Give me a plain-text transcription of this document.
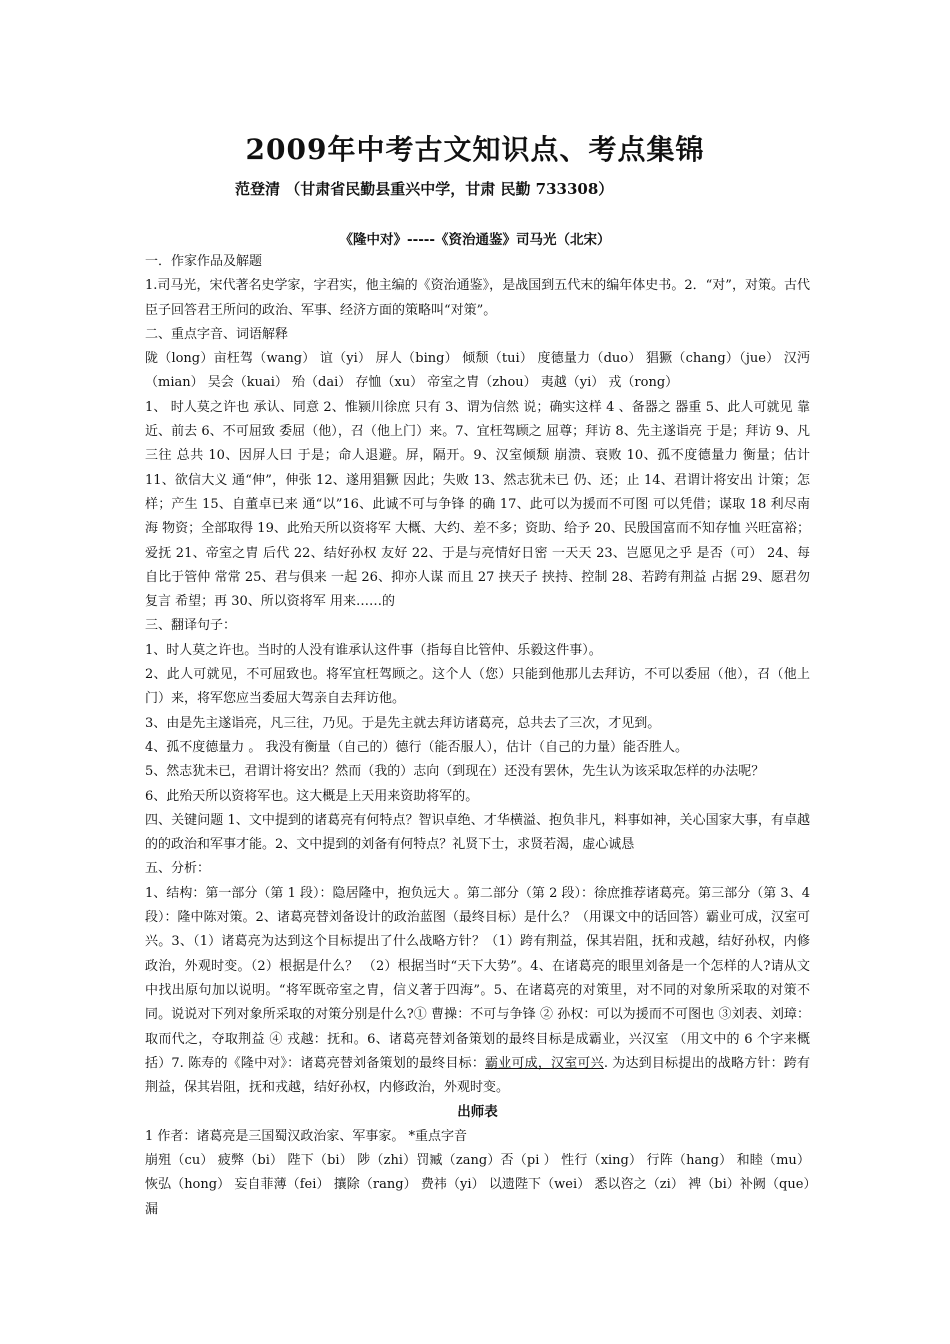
2009年中考古文知识点、考点集锦
范登清 （甘肃省民勤县重兴中学，甘肃 民勤 733308）
《隆中对》-----《资治通鉴》司马光（北宋）

一．作家作品及解题

1.司马光，宋代著名史学家，字君实，他主编的《资治通鉴》，是战国到五代末的编年体史书。2．“对”，对策。古代臣子回答君王所问的政治、军事、经济方面的策略叫“对策”。

二、重点字音、词语解释

陇（long）亩枉驾（wang） 谊（yi） 屏人（bing） 倾颓（tui） 度德量力（duo） 猖獗（chang）（jue） 汉沔（mian） 吴会（kuai） 殆（dai） 存恤（xu） 帝室之胄（zhou） 夷越（yi） 戎（rong）

1、 时人莫之许也 承认、同意 2、惟颍川徐庶 只有 3、谓为信然 说；确实这样 4 、备器之 器重 5、此人可就见 靠近、前去 6、不可屈致 委屈（他），召（他上门）来。7、宜枉驾顾之 屈尊；拜访 8、先主遂诣亮 于是；拜访 9、凡三往 总共 10、因屏人曰 于是；命人退避。屏，隔开。9、汉室倾颓 崩溃、衰败 10、孤不度德量力 衡量；估计 11、欲信大义 通“伸”，伸张 12、遂用猖獗 因此；失败 13、然志犹未已 仍、还；止 14、君谓计将安出 计策；怎样；产生 15、自董卓已来 通“以”16、此诚不可与争锋 的确 17、此可以为援而不可图 可以凭借；谋取 18 利尽南海 物资；全部取得 19、此殆天所以资将军 大概、大约、差不多；资助、给予 20、民殷国富而不知存恤 兴旺富裕；爱抚 21、帝室之胄 后代 22、结好孙权 友好 22、于是与亮情好日密 一天天 23、岂愿见之乎 是否（可） 24、每自比于管仲 常常 25、君与俱来 一起 26、抑亦人谋 而且 27 挟天子 挟持、控制 28、若跨有荆益 占据 29、愿君勿复言 希望；再 30、所以资将军 用来……的

三、翻译句子：

1、时人莫之许也。当时的人没有谁承认这件事（指每自比管仲、乐毅这件事）。

2、此人可就见，不可屈致也。将军宜枉驾顾之。这个人（您）只能到他那儿去拜访，不可以委屈（他），召（他上门）来，将军您应当委屈大驾亲自去拜访他。

3、由是先主遂诣亮，凡三往，乃见。于是先主就去拜访诸葛亮，总共去了三次，才见到。

4、孤不度德量力 。 我没有衡量（自己的）德行（能否服人），估计（自己的力量）能否胜人。

5、然志犹未已，君谓计将安出？然而（我的）志向（到现在）还没有罢休，先生认为该采取怎样的办法呢？

6、此殆天所以资将军也。这大概是上天用来资助将军的。

四、关键问题 1、文中提到的诸葛亮有何特点？智识卓绝、才华横溢、抱负非凡，料事如神，关心国家大事，有卓越的的政治和军事才能。2、文中提到的刘备有何特点？礼贤下士，求贤若渴，虚心诚恳

五、分析：

1、结构：第一部分（第 1 段）：隐居隆中，抱负远大 。第二部分（第 2 段）：徐庶推荐诸葛亮。第三部分（第 3、4 段）：隆中陈对策。2、诸葛亮替刘备设计的政治蓝图（最终目标）是什么？（用课文中的话回答）霸业可成，汉室可兴。3、（1）诸葛亮为达到这个目标提出了什么战略方针？（1）跨有荆益，保其岩阻，抚和戎越，结好孙权，内修政治，外观时变。（2）根据是什么？ （2）根据当时“天下大势”。4、在诸葛亮的眼里刘备是一个怎样的人?请从文中找出原句加以说明。“将军既帝室之胄，信义著于四海”。5、在诸葛亮的对策里，对不同的对象所采取的对策不同。说说对下列对象所采取的对策分别是什么?① 曹操：不可与争锋 ② 孙权：可以为援而不可图也 ③刘表、刘璋：取而代之，夺取荆益 ④ 戎越：抚和。6、诸葛亮替刘备策划的最终目标是成霸业，兴汉室 （用文中的 6 个字来概括）7. 陈寿的《隆中对》：诸葛亮替刘备策划的最终目标：霸业可成，汉室可兴. 为达到目标提出的战略方针：跨有荆益，保其岩阻，抚和戎越，结好孙权，内修政治，外观时变。

出师表

1 作者：诸葛亮是三国蜀汉政治家、军事家。 *重点字音

崩殂（cu） 疲弊（bi） 陛下（bi） 陟（zhi）罚臧（zang）否（pi ） 性行（xing） 行阵（hang） 和睦（mu） 恢弘（hong） 妄自菲薄（fei） 攘除（rang） 费祎（yi） 以遗陛下（wei） 悉以咨之（zi） 裨（bi）补阙（que）漏
